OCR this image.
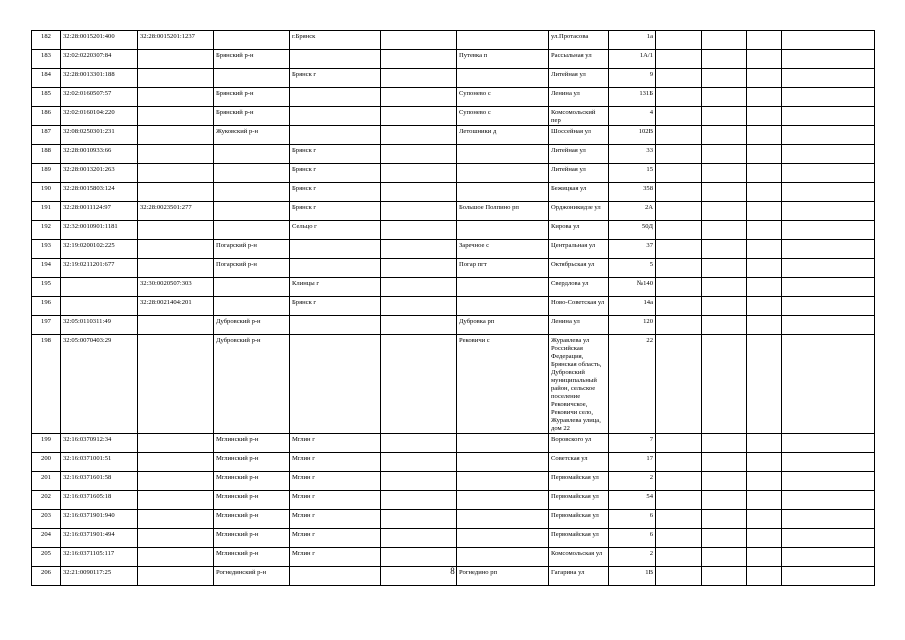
182	32:28:0015201:400	32:28:0015201:1237		г.Брянск			ул.Протасова	1а				
183	32:02:0220307:84		Брянский р-н			Путевка п	Рассыльная ул	1А/1				
184	32:28:0013301:188			Брянск г			Литейная ул	9				
185	32:02:0160507:57		Брянский р-н			Супонево с	Ленина ул	131Б				
186	32:02:0160104:220		Брянский р-н			Супонево с	Комсомольский пер	4				
187	32:08:0250301:231		Жуковский р-н			Летошники д	Шоссейная ул	102В				
188	32:28:0010933:66			Брянск г			Литейная ул	33				
189	32:28:0013201:263			Брянск г			Литейная ул	15				
190	32:28:0015803:124			Брянск г			Бежицкая ул	358				
191	32:28:0011124:97	32:28:0023501:277		Брянск г		Большое Полпино рп	Орджоникидзе ул	2А				
192	32:32:0010901:1181			Сельцо г			Кирова ул	50Д				
193	32:19:0200102:225		Погарский р-н			Заречное с	Центральная ул	37				
194	32:19:0211201:677		Погарский р-н			Погар пгт	Октябрьская ул	5				
195		32:30:0020507:303		Клинцы г			Свердлова ул	№140				
196		32:28:0021404:201		Брянск г			Ново-Советская ул	14а				
197	32:05:0110311:49		Дубровский р-н			Дубровка рп	Ленина ул	120				
198	32:05:0070403:29		Дубровский р-н			Рековичи с	Журавлева ул Российская Федерация, Брянская область, Дубровский муниципальный район, сельское поселение Рековичское, Рековичи село, Журавлева улица, дом 22	22				
199	32:16:0370912:34		Мглинский р-н	Мглин г			Воровского ул	7				
200	32:16:0371001:51		Мглинский р-н	Мглин г			Советская ул	17				
201	32:16:0371601:58		Мглинский р-н	Мглин г			Первомайская ул	2				
202	32:16:0371605:18		Мглинский р-н	Мглин г			Первомайская ул	54				
203	32:16:0371901:940		Мглинский р-н	Мглин г			Первомайская ул	6				
204	32:16:0371901:494		Мглинский р-н	Мглин г			Первомайская ул	6				
205	32:16:0371105:117		Мглинский р-н	Мглин г			Комсомольская ул	2				
206	32:21:0090117:25		Рогнединский р-н			Рогнедино рп	Гагарина ул	1В				
8
